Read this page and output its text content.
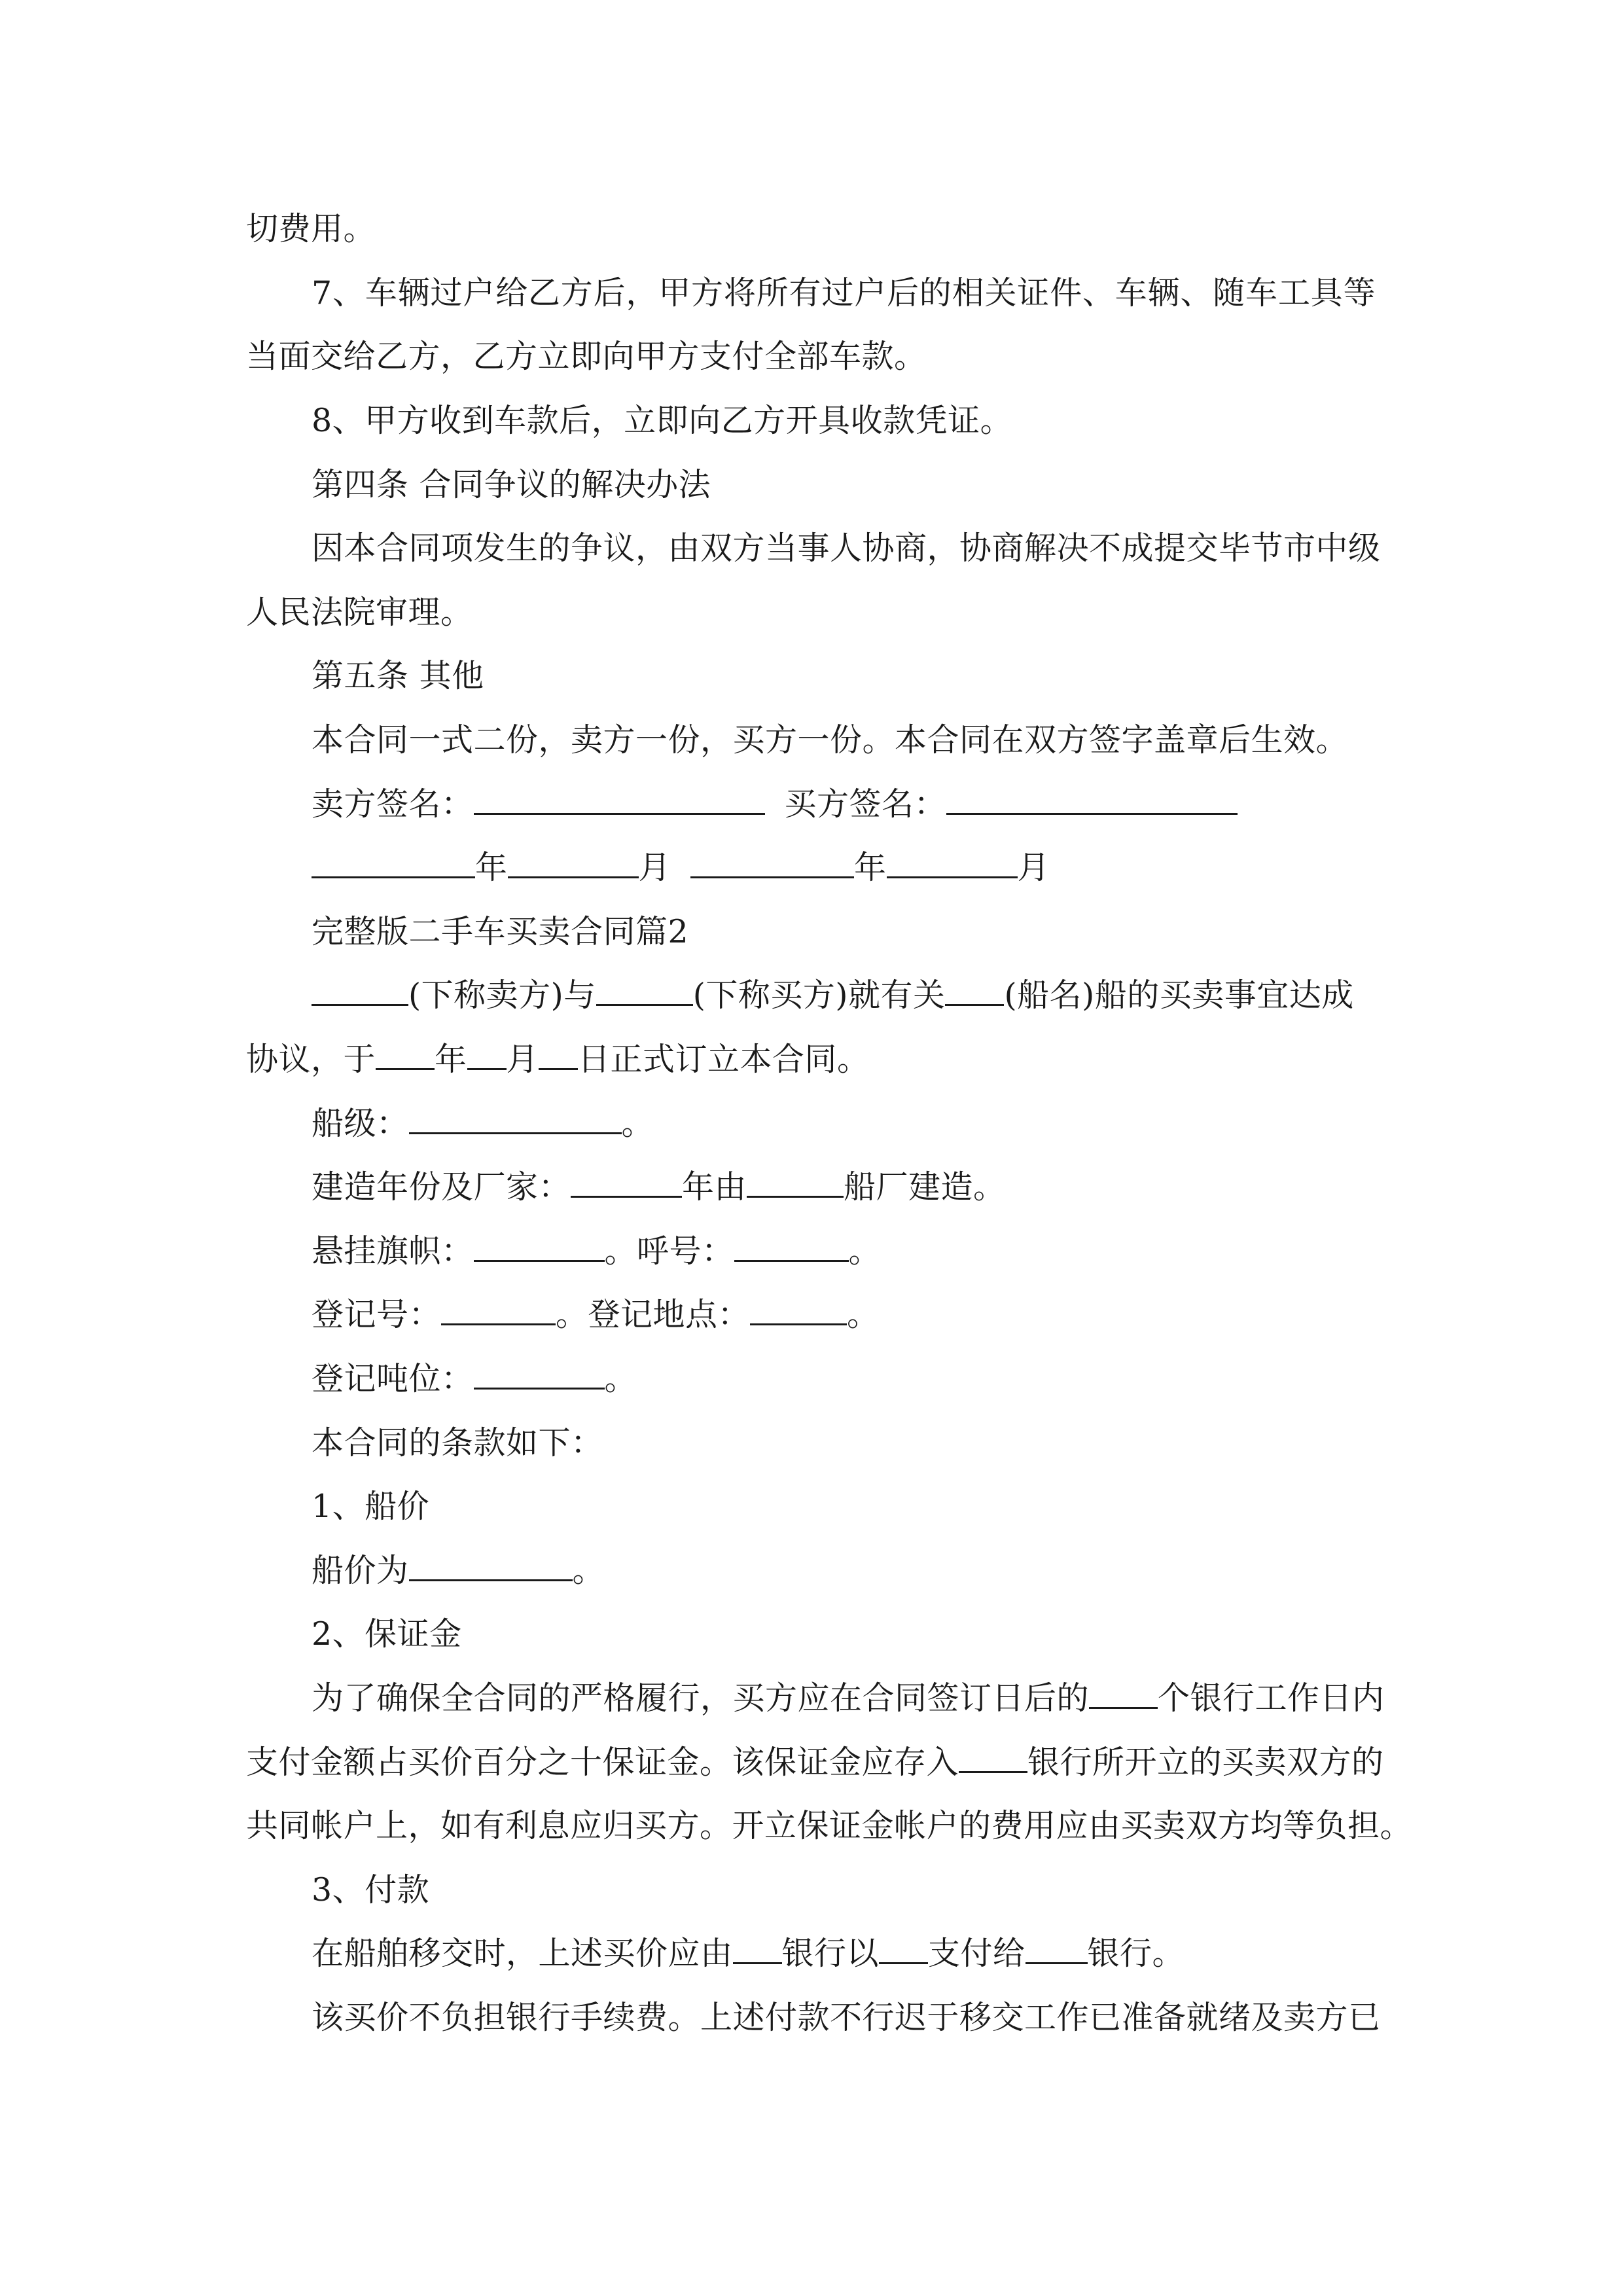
切费用。
7、车辆过户给乙方后，甲方将所有过户后的相关证件、车辆、随车工具等
当面交给乙方，乙方立即向甲方支付全部车款。
8、甲方收到车款后，立即向乙方开具收款凭证。
第四条 合同争议的解决办法
因本合同项发生的争议，由双方当事人协商，协商解决不成提交毕节市中级
人民法院审理。
第五条 其他
本合同一式二份，卖方一份，买方一份。本合同在双方签字盖章后生效。
卖方签名：	买方签名：
年	月	年	月
完整版二手车买卖合同篇2
(下称卖方)与	(下称买方)就有关 (船名)船的买卖事宜达成
协议，于 年 月 日正式订立本合同。
船级：	。
建造年份及厂家：	年由	船厂建造。
悬挂旗帜：	。呼号：	。
登记号：	。登记地点：	。
登记吨位：	。
本合同的条款如下：
1、船价
船价为	。
2、保证金
为了确保全合同的严格履行，买方应在合同签订日后的 个银行工作日内
支付金额占买价百分之十保证金。该保证金应存入 银行所开立的买卖双方的
共同帐户上，如有利息应归买方。开立保证金帐户的费用应由买卖双方均等负担。
3、付款
在船舶移交时，上述买价应由 银行以 支付给 银行。
该买价不负担银行手续费。上述付款不行迟于移交工作已准备就绪及卖方已
